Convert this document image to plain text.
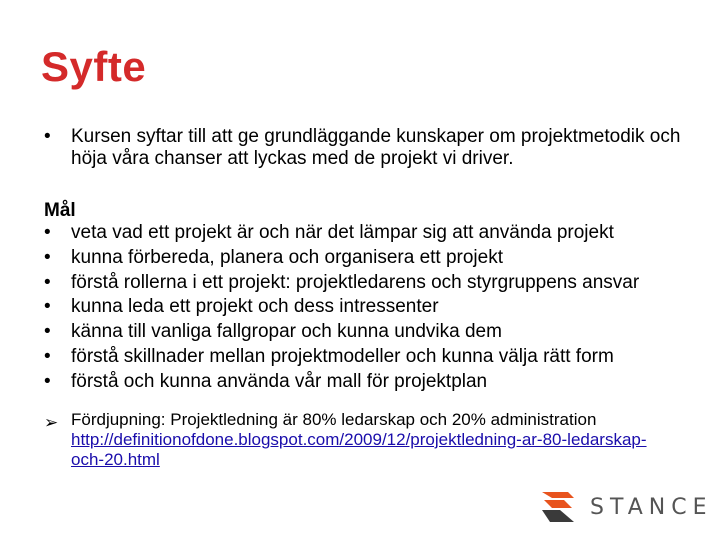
Syfte
•	Kursen syftar till att ge grundläggande kunskaper om projektmetodik och höja våra chanser att lyckas med de projekt vi driver.
Mål
• veta vad ett projekt är och när det lämpar sig att använda projekt
• kunna förbereda, planera och organisera ett projekt
• förstå rollerna i ett projekt: projektledarens och styrgruppens ansvar
• kunna leda ett projekt och dess intressenter
• känna till vanliga fallgropar och kunna undvika dem
• förstå skillnader mellan projektmodeller och kunna välja rätt form
• förstå och kunna använda vår mall för projektplan
➢ Fördjupning: Projektledning är 80% ledarskap och 20% administration
http://definitionofdone.blogspot.com/2009/12/projektledning-ar-80-ledarskap-och-20.html
STANCE
